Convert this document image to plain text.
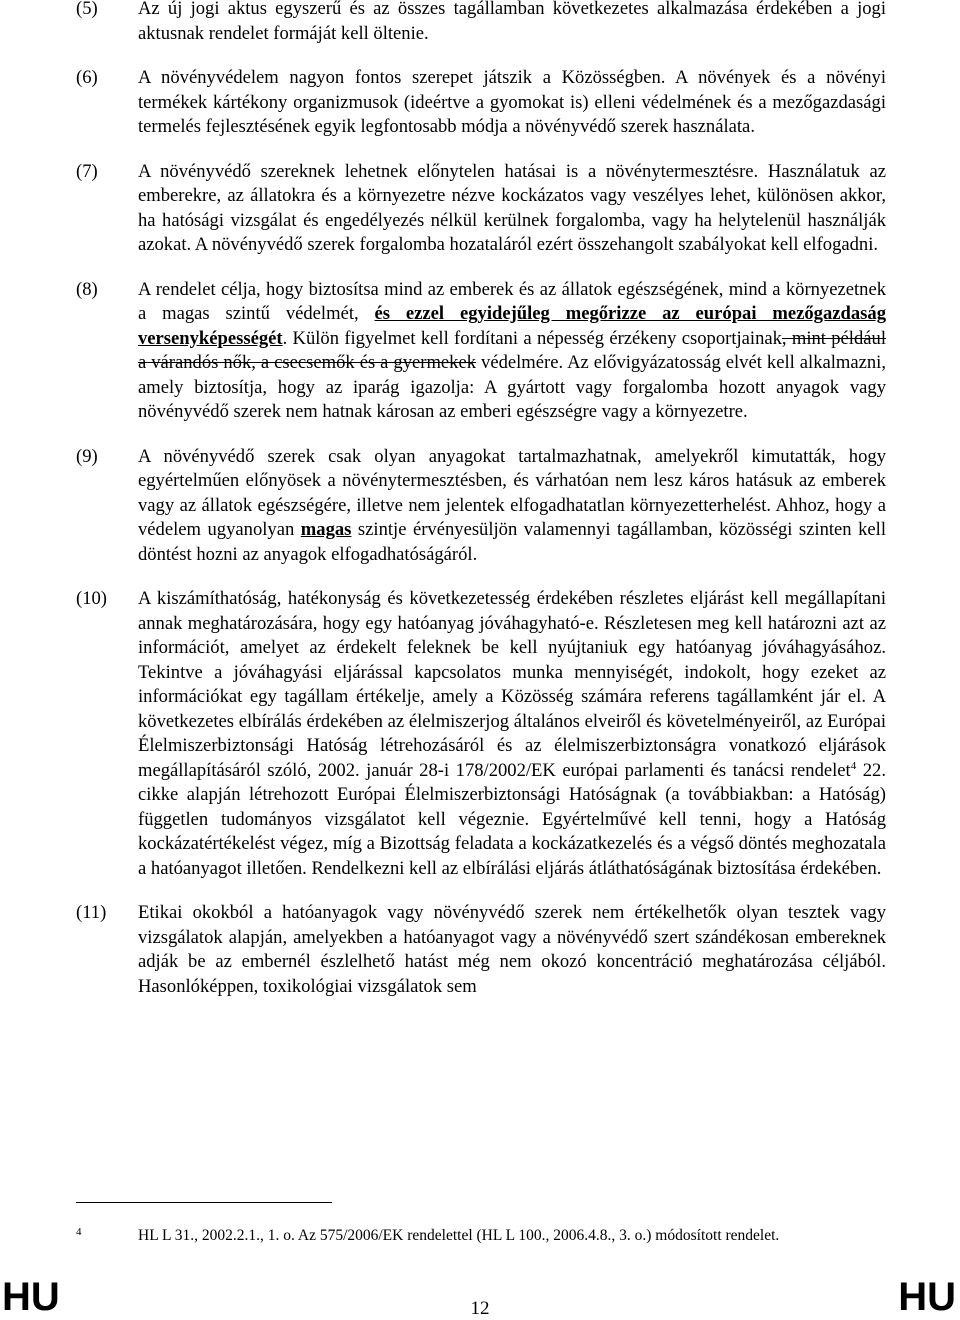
(5) Az új jogi aktus egyszerű és az összes tagállamban következetes alkalmazása érdekében a jogi aktusnak rendelet formáját kell öltenie.

(6) A növényvédelem nagyon fontos szerepet játszik a Közösségben. A növények és a növényi termékek kártékony organizmusok (ideértve a gyomokat is) elleni védelmének és a mezőgazdasági termelés fejlesztésének egyik legfontosabb módja a növényvédő szerek használata.

(7) A növényvédő szereknek lehetnek előnytelen hatásai is a növénytermesztésre. Használatuk az emberekre, az állatokra és a környezetre nézve kockázatos vagy veszélyes lehet, különösen akkor, ha hatósági vizsgálat és engedélyezés nélkül kerülnek forgalomba, vagy ha helytelenül használják azokat. A növényvédő szerek forgalomba hozataláról ezért összehangolt szabályokat kell elfogadni.

(8) A rendelet célja, hogy biztosítsa mind az emberek és az állatok egészségének, mind a környezetnek a magas szintű védelmét, és ezzel egyidejűleg megőrizze az európai mezőgazdaság versenyképességét. Külön figyelmet kell fordítani a népesség érzékeny csoportjainak, mint például a várandós nők, a csecsemők és a gyermekek védelmére. Az elővigyázatosság elvét kell alkalmazni, amely biztosítja, hogy az iparág igazolja: A gyártott vagy forgalomba hozott anyagok vagy növényvédő szerek nem hatnak károsan az emberi egészségre vagy a környezetre.

(9) A növényvédő szerek csak olyan anyagokat tartalmazhatnak, amelyekről kimutatták, hogy egyértelműen előnyösek a növénytermesztésben, és várhatóan nem lesz káros hatásuk az emberek vagy az állatok egészségére, illetve nem jelentek elfogadhatatlan környezetterhelést. Ahhoz, hogy a védelem ugyanolyan magas szintje érvényesüljön valamennyi tagállamban, közösségi szinten kell döntést hozni az anyagok elfogadhatóságáról.

(10) A kiszámíthatóság, hatékonyság és következetesség érdekében részletes eljárást kell megállapítani annak meghatározására, hogy egy hatóanyag jóváhagyható-e. Részletesen meg kell határozni azt az információt, amelyet az érdekelt feleknek be kell nyújtaniuk egy hatóanyag jóváhagyásához. Tekintve a jóváhagyási eljárással kapcsolatos munka mennyiségét, indokolt, hogy ezeket az információkat egy tagállam értékelje, amely a Közösség számára referens tagállamként jár el. A következetes elbírálás érdekében az élelmiszerjog általános elveiről és követelményeiről, az Európai Élelmiszerbiztonsági Hatóság létrehozásáról és az élelmiszerbiztonságra vonatkozó eljárások megállapításáról szóló, 2002. január 28-i 178/2002/EK európai parlamenti és tanácsi rendelet$^4$ 22. cikke alapján létrehozott Európai Élelmiszerbiztonsági Hatóságnak (a továbbiakban: a Hatóság) független tudományos vizsgálatot kell végeznie. Egyértelművé kell tenni, hogy a Hatóság kockázatértékelést végez, míg a Bizottság feladata a kockázatkezelés és a végső döntés meghozatala a hatóanyagot illetően. Rendelkezni kell az elbírálási eljárás átláthatóságának biztosítása érdekében.

(11) Etikai okokból a hatóanyagok vagy növényvédő szerek nem értékelhetők olyan tesztek vagy vizsgálatok alapján, amelyekben a hatóanyagot vagy a növényvédő szert szándékosan embereknek adják be az embernél észlelhető hatást még nem okozó koncentráció meghatározása céljából. Hasonlóképpen, toxikológiai vizsgálatok sem

4	HL L 31., 2002.2.1., 1. o. Az 575/2006/EK rendelettel (HL L 100., 2006.4.8., 3. o.) módosított rendelet.
HU	12	HU
